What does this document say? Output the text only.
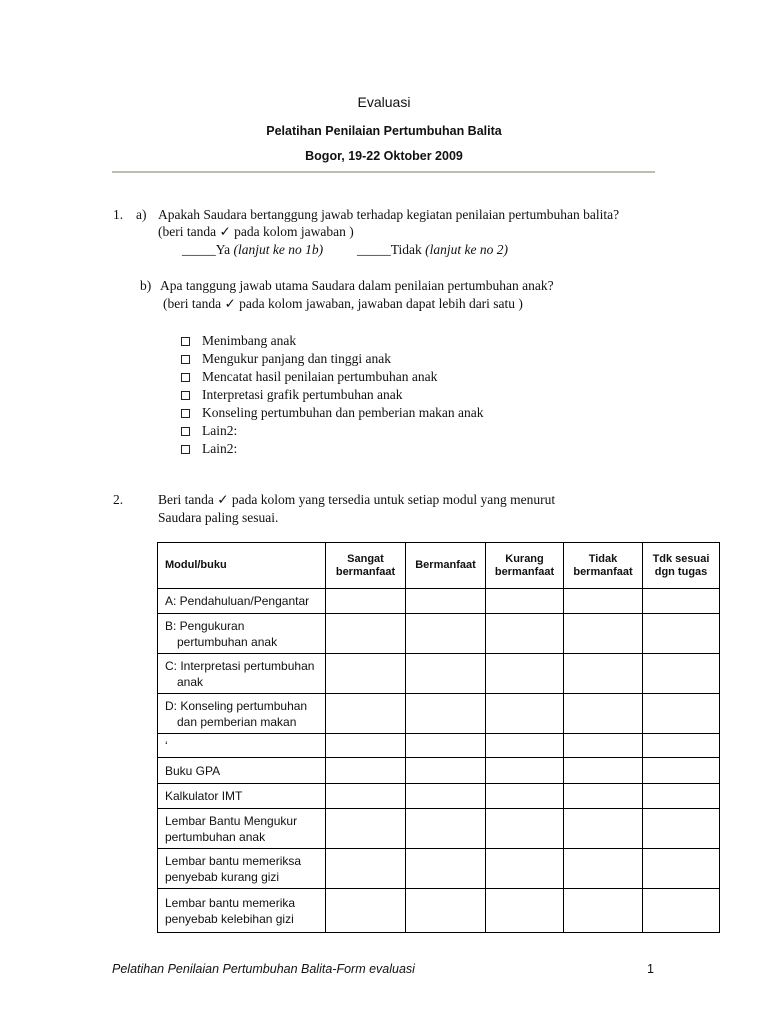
Evaluasi
Pelatihan Penilaian Pertumbuhan Balita
Bogor, 19-22 Oktober 2009
1. a) Apakah Saudara bertanggung jawab terhadap kegiatan penilaian pertumbuhan balita?
(beri tanda ✓ pada kolom jawaban )
_____Ya (lanjut ke no 1b)	_____Tidak (lanjut ke no 2)
b) Apa tanggung jawab utama Saudara dalam penilaian pertumbuhan anak?
(beri tanda ✓ pada kolom jawaban, jawaban dapat lebih dari satu )
Menimbang anak
Mengukur panjang dan tinggi anak
Mencatat hasil penilaian pertumbuhan anak
Interpretasi grafik pertumbuhan anak
Konseling pertumbuhan dan pemberian makan anak
Lain2:
Lain2:
2.	Beri tanda ✓ pada kolom yang tersedia untuk setiap modul yang menurut
Saudara paling sesuai.
Modul/buku	Sangat bermanfaat	Bermanfaat	Kurang bermanfaat	Tidak bermanfaat	Tdk sesuai dgn tugas
A: Pendahuluan/Pengantar					
B: Pengukuran
pertumbuhan anak					

C: Interpretasi pertumbuhan
anak					

D: Konseling pertumbuhan
dan pemberian makan					

ʻ					
Buku GPA					
Kalkulator IMT					
Lembar Bantu Mengukur
pertumbuhan anak					
Lembar bantu memeriksa
penyebab kurang gizi					
Lembar bantu memerika
penyebab kelebihan gizi					
Pelatihan Penilaian Pertumbuhan Balita-Form evaluasi	1
